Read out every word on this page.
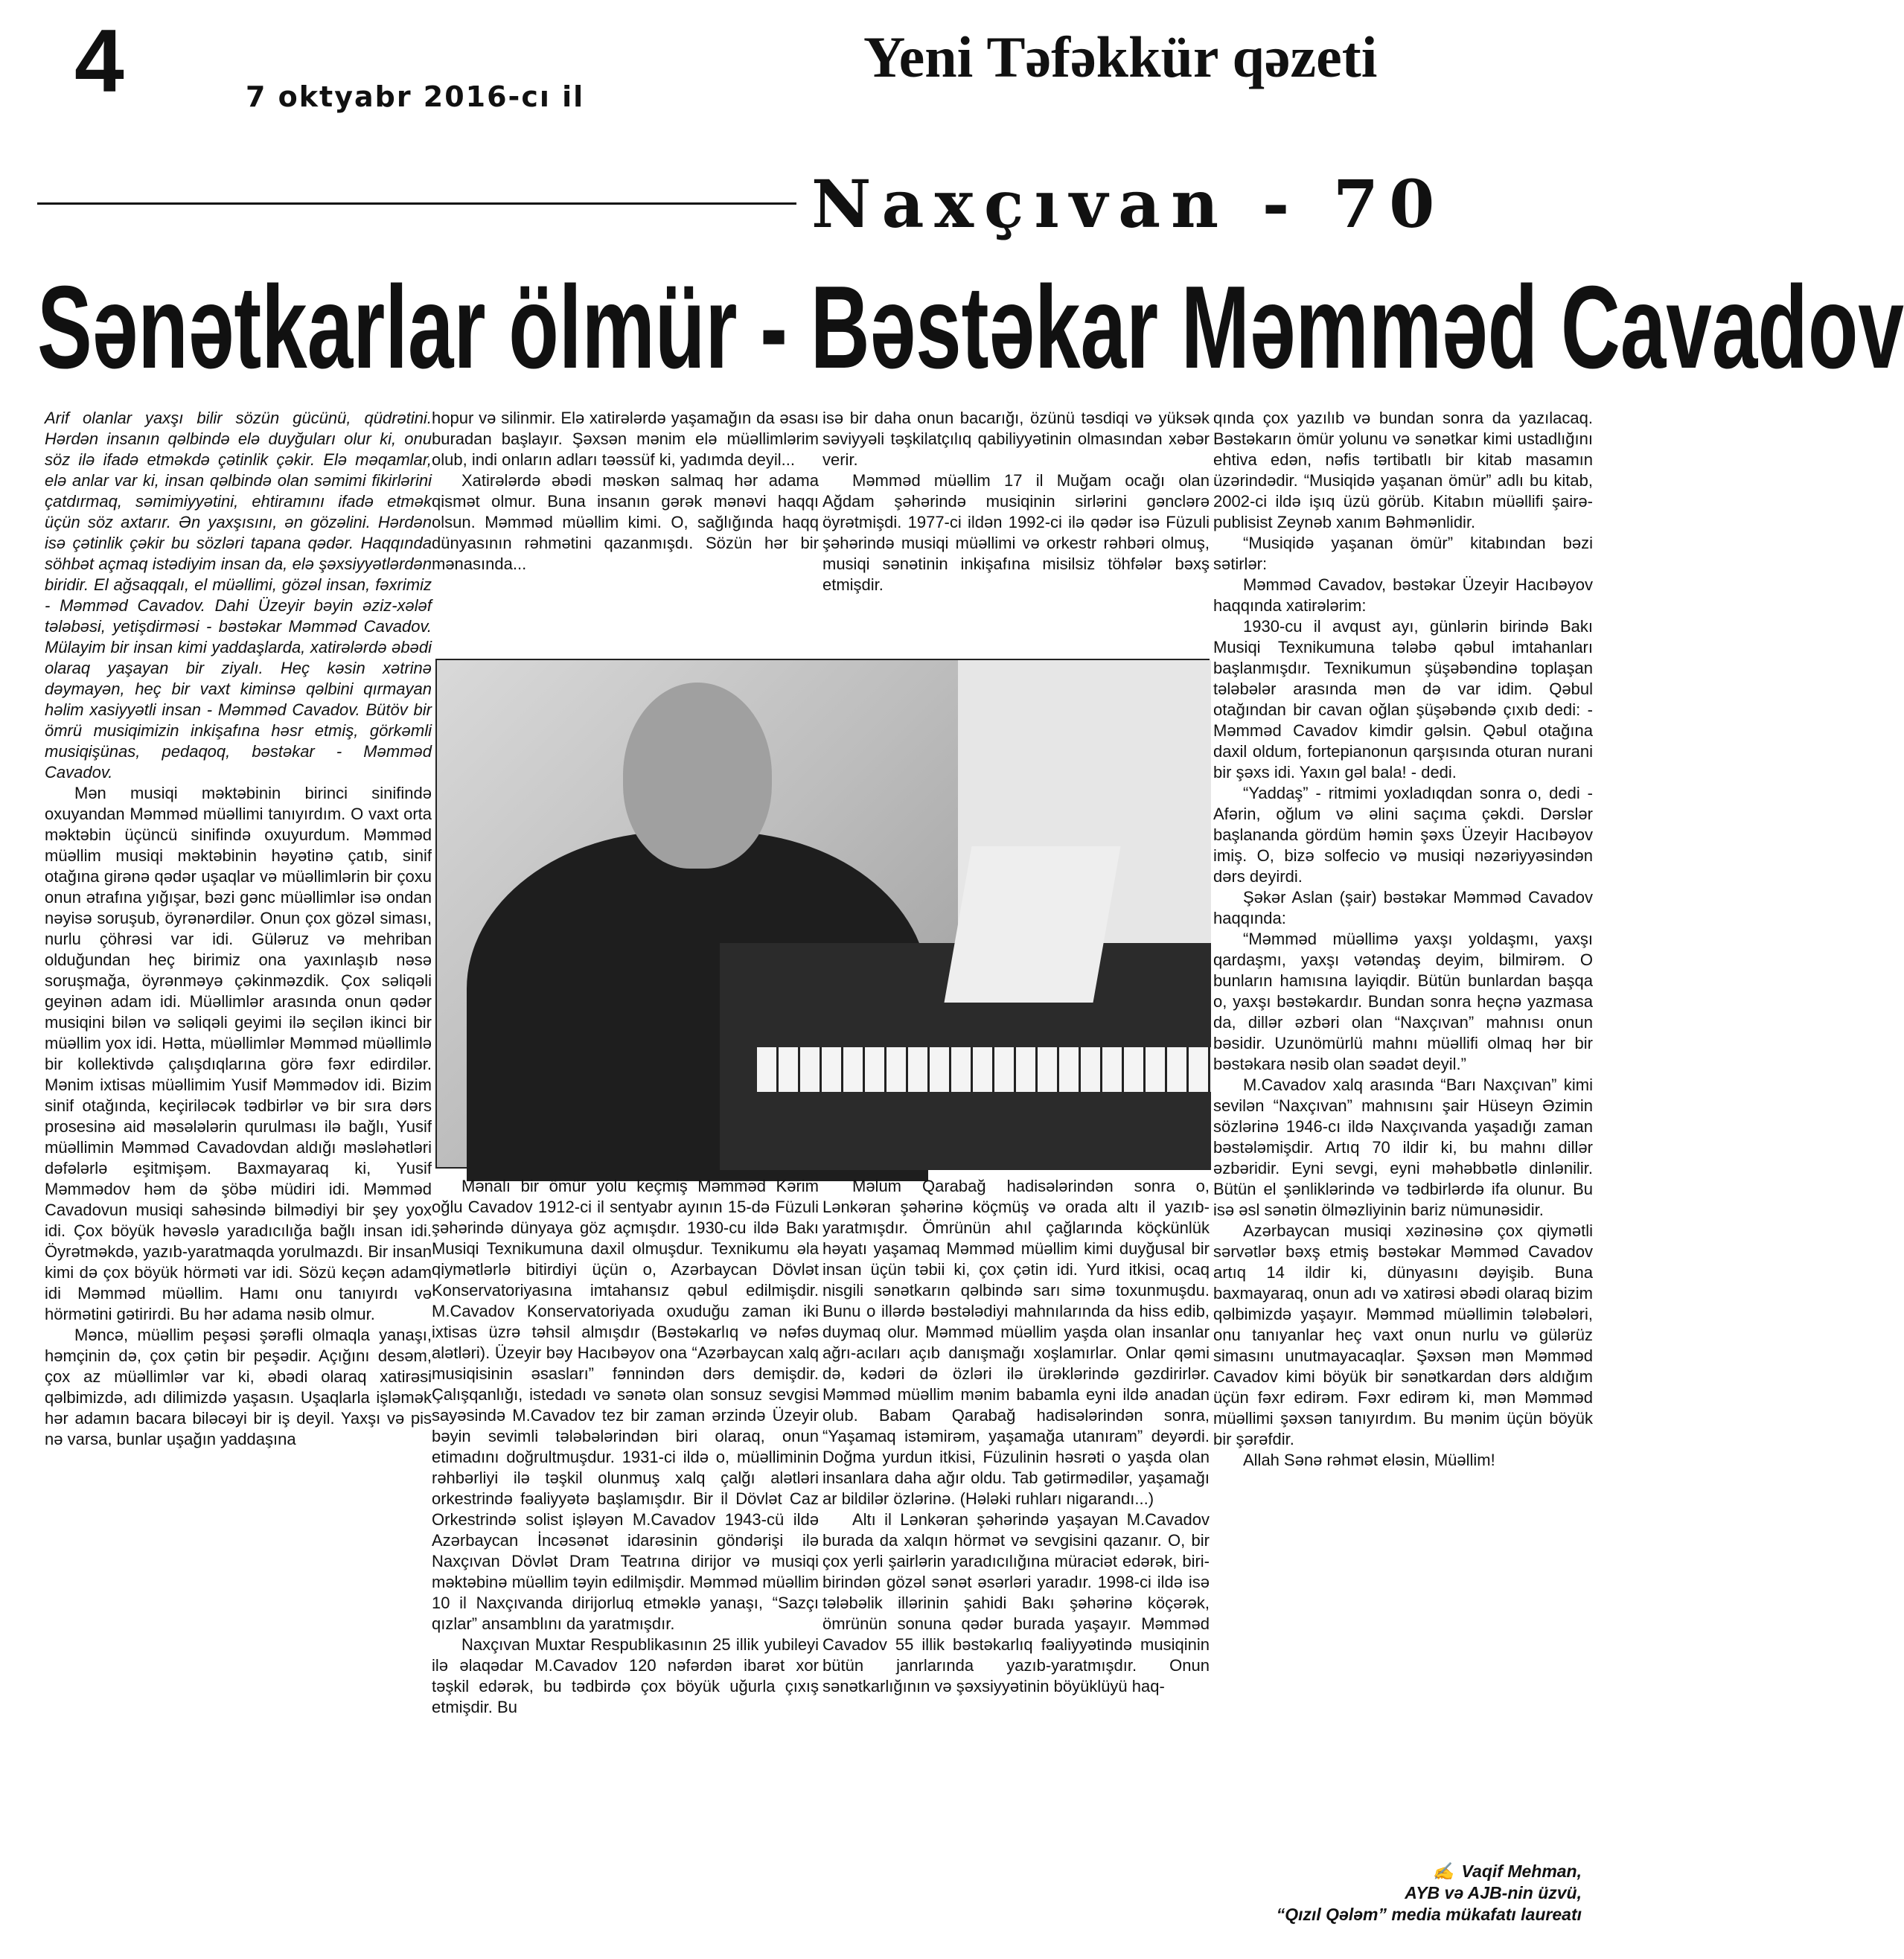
4	7 oktyabr 2016-cı il
Yeni Təfəkkür qəzeti
Naxçıvan - 70
Sənətkarlar ölmür - Bəstəkar Məmməd Cavadov

Arif olanlar yaxşı bilir sözün gücünü, qüdrətini. Hərdən insanın qəlbində elə duyğuları olur ki, onu söz ilə ifadə etməkdə çətinlik çəkir. Elə məqamlar, elə anlar var ki, insan qəlbində olan səmimi fikirlərini çatdırmaq, səmimiyyətini, ehtiramını ifadə etmək üçün söz axtarır. Ən yaxşısını, ən gözəlini. Hərdən isə çətinlik çəkir bu sözləri tapana qədər. Haqqında söhbət açmaq istədiyim insan da, elə şəxsiyyətlərdən biridir. El ağsaqqalı, el müəllimi, gözəl insan, fəxrimiz - Məmməd Cavadov. Dahi Üzeyir bəyin əziz-xələf tələbəsi, yetişdirməsi - bəstəkar Məmməd Cavadov. Mülayim bir insan kimi yaddaşlarda, xatirələrdə əbədi olaraq yaşayan bir ziyalı. Heç kəsin xətrinə dəymayən, heç bir vaxt kiminsə qəlbini qırmayan həlim xasiyyətli insan - Məmməd Cavadov. Bütöv bir ömrü musiqimizin inkişafına həsr etmiş, görkəmli musiqişünas, pedaqoq, bəstəkar - Məmməd Cavadov.

Mən musiqi məktəbinin birinci sinifində oxuyandan Məmməd müəllimi tanıyırdım. O vaxt orta məktəbin üçüncü sinifində oxuyurdum. Məmməd müəllim musiqi məktəbinin həyətinə çatıb, sinif otağına girənə qədər uşaqlar və müəllimlərin bir çoxu onun ətrafına yığışar, bəzi gənc müəllimlər isə ondan nəyisə soruşub, öyrənərdilər. Onun çox gözəl siması, nurlu çöhrəsi var idi. Güləruz və mehriban olduğundan heç birimiz ona yaxınlaşıb nəsə soruşmağa, öyrənməyə çəkinməzdik. Çox səliqəli geyinən adam idi. Müəllimlər arasında onun qədər musiqini bilən və səliqəli geyimi ilə seçilən ikinci bir müəllim yox idi. Hətta, müəllimlər Məmməd müəllimlə bir kollektivdə çalışdıqlarına görə fəxr edirdilər. Mənim ixtisas müəllimim Yusif Məmmədov idi. Bizim sinif otağında, keçiriləcək tədbirlər və bir sıra dərs prosesinə aid məsələlərin qurulması ilə bağlı, Yusif müəllimin Məmməd Cavadovdan aldığı məsləhətləri dəfələrlə eşitmişəm. Baxmayaraq ki, Yusif Məmmədov həm də şöbə müdiri idi. Məmməd Cavadovun musiqi sahəsində bilmədiyi bir şey yox idi. Çox böyük həvəslə yaradıcılığa bağlı insan idi. Öyrətməkdə, yazıb-yaratmaqda yorulmazdı. Bir insan kimi də çox böyük hörməti var idi. Sözü keçən adam idi Məmməd müəllim. Hamı onu tanıyırdı və hörmətini gətirirdi. Bu hər adama nəsib olmur.

Məncə, müəllim peşəsi şərəfli olmaqla yanaşı, həmçinin də, çox çətin bir peşədir. Açığını desəm, çox az müəllimlər var ki, əbədi olaraq xatirəsi qəlbimizdə, adı dilimizdə yaşasın. Uşaqlarla işləmək hər adamın bacara biləcəyi bir iş deyil. Yaxşı və pis nə varsa, bunlar uşağın yaddaşına

hopur və silinmir. Elə xatirələrdə yaşamağın da əsası buradan başlayır. Şəxsən mənim elə müəllimlərim olub, indi onların adları təəssüf ki, yadımda deyil...

Xatirələrdə əbədi məskən salmaq hər adama qismət olmur. Buna insanın gərək mənəvi haqqı olsun. Məmməd müəllim kimi. O, sağlığında haqq dünyasının rəhmətini qazanmışdı. Sözün hər bir mənasında...

isə bir daha onun bacarığı, özünü təsdiqi və yüksək səviyyəli təşkilatçılıq qabiliyyətinin olmasından xəbər verir.

Məmməd müəllim 17 il Muğam ocağı olan Ağdam şəhərində musiqinin sirlərini gənclərə öyrətmişdi. 1977-ci ildən 1992-ci ilə qədər isə Füzuli şəhərində musiqi müəllimi və orkestr rəhbəri olmuş, musiqi sənətinin inkişafına misilsiz töhfələr bəxş etmişdir.

Mənalı bir ömür yolu keçmiş Məmməd Kərim oğlu Cavadov 1912-ci il sentyabr ayının 15-də Füzuli şəhərində dünyaya göz açmışdır. 1930-cu ildə Bakı Musiqi Texnikumuna daxil olmuşdur. Texnikumu əla qiymətlərlə bitirdiyi üçün o, Azərbaycan Dövlət Konservatoriyasına imtahansız qəbul edilmişdir. M.Cavadov Konservatoriyada oxuduğu zaman iki ixtisas üzrə təhsil almışdır (Bəstəkarlıq və nəfəs alətləri). Üzeyir bəy Hacıbəyov ona “Azərbaycan xalq musiqisinin əsasları” fənnindən dərs demişdir. Çalışqanlığı, istedadı və sənətə olan sonsuz sevgisi sayəsində M.Cavadov tez bir zaman ərzində Üzeyir bəyin sevimli tələbələrindən biri olaraq, onun etimadını doğrultmuşdur. 1931-ci ildə o, müəlliminin rəhbərliyi ilə təşkil olunmuş xalq çalğı alətləri orkestrində fəaliyyətə başlamışdır. Bir il Dövlət Caz Orkestrində solist işləyən M.Cavadov 1943-cü ildə Azərbaycan İncəsənət idarəsinin göndərişi ilə Naxçıvan Dövlət Dram Teatrına dirijor və musiqi məktəbinə müəllim təyin edilmişdir. Məmməd müəllim 10 il Naxçıvanda dirijorluq etməklə yanaşı, “Sazçı qızlar” ansamblını da yaratmışdır.

Naxçıvan Muxtar Respublikasının 25 illik yubileyi ilə əlaqədar M.Cavadov 120 nəfərdən ibarət xor təşkil edərək, bu tədbirdə çox böyük uğurla çıxış etmişdir. Bu

Məlum Qarabağ hadisələrindən sonra o, Lənkəran şəhərinə köçmüş və orada altı il yazıb-yaratmışdır. Ömrünün ahıl çağlarında köçkünlük həyatı yaşamaq Məmməd müəllim kimi duyğusal bir insan üçün təbii ki, çox çətin idi. Yurd itkisi, ocaq nisgili sənətkarın qəlbində sarı simə toxunmuşdu. Bunu o illərdə bəstələdiyi mahnılarında da hiss edib, duymaq olur. Məmməd müəllim yaşda olan insanlar ağrı-acıları açıb danışmağı xoşlamırlar. Onlar qəmi də, kədəri də özləri ilə ürəklərində gəzdirirlər. Məmməd müəllim mənim babamla eyni ildə anadan olub. Babam Qarabağ hadisələrindən sonra, “Yaşamaq istəmirəm, yaşamağa utanıram” deyərdi. Doğma yurdun itkisi, Füzulinin həsrəti o yaşda olan insanlara daha ağır oldu. Tab gətirmədilər, yaşamağı ar bildilər özlərinə. (Hələki ruhları nigarandı...)

Altı il Lənkəran şəhərində yaşayan M.Cavadov burada da xalqın hörmət və sevgisini qazanır. O, bir çox yerli şairlərin yaradıcılığına müraciət edərək, biri-birindən gözəl sənət əsərləri yaradır. 1998-ci ildə isə tələbəlik illərinin şahidi Bakı şəhərinə köçərək, ömrünün sonuna qədər burada yaşayır. Məmməd Cavadov 55 illik bəstəkarlıq fəaliyyətində musiqinin bütün janrlarında yazıb-yaratmışdır. Onun sənətkarlığının və şəxsiyyətinin böyüklüyü haq-

qında çox yazılıb və bundan sonra da yazılacaq. Bəstəkarın ömür yolunu və sənətkar kimi ustadlığını ehtiva edən, nəfis tərtibatlı bir kitab masamın üzərindədir. “Musiqidə yaşanan ömür” adlı bu kitab, 2002-ci ildə işıq üzü görüb. Kitabın müəllifi şairə-publisist Zeynəb xanım Bəhmənlidir.

“Musiqidə yaşanan ömür” kitabından bəzi sətirlər:

Məmməd Cavadov, bəstəkar Üzeyir Hacıbəyov haqqında xatirələrim:

1930-cu il avqust ayı, günlərin birində Bakı Musiqi Texnikumuna tələbə qəbul imtahanları başlanmışdır. Texnikumun şüşəbəndinə toplaşan tələbələr arasında mən də var idim. Qəbul otağından bir cavan oğlan şüşəbəndə çıxıb dedi: - Məmməd Cavadov kimdir gəlsin. Qəbul otağına daxil oldum, fortepianonun qarşısında oturan nurani bir şəxs idi. Yaxın gəl bala! - dedi.

“Yaddaş” - ritmimi yoxladıqdan sonra o, dedi - Afərin, oğlum və əlini saçıma çəkdi. Dərslər başlananda gördüm həmin şəxs Üzeyir Hacıbəyov imiş. O, bizə solfecio və musiqi nəzəriyyəsindən dərs deyirdi.

Şəkər Aslan (şair) bəstəkar Məmməd Cavadov haqqında:

“Məmməd müəllimə yaxşı yoldaşmı, yaxşı qardaşmı, yaxşı vətəndaş deyim, bilmirəm. O bunların hamısına layiqdir. Bütün bunlardan başqa o, yaxşı bəstəkardır. Bundan sonra heçnə yazmasa da, dillər əzbəri olan “Naxçıvan” mahnısı onun bəsidir. Uzunömürlü mahnı müəllifi olmaq hər bir bəstəkara nəsib olan səadət deyil.”

M.Cavadov xalq arasında “Barı Naxçıvan” kimi sevilən “Naxçıvan” mahnısını şair Hüseyn Əzimin sözlərinə 1946-cı ildə Naxçıvanda yaşadığı zaman bəstələmişdir. Artıq 70 ildir ki, bu mahnı dillər əzbəridir. Eyni sevgi, eyni məhəbbətlə dinlənilir. Bütün el şənliklərində və tədbirlərdə ifa olunur. Bu isə əsl sənətin ölməzliyinin bariz nümunəsidir.

Azərbaycan musiqi xəzinəsinə çox qiymətli sərvətlər bəxş etmiş bəstəkar Məmməd Cavadov artıq 14 ildir ki, dünyasını dəyişib. Buna baxmayaraq, onun adı və xatirəsi əbədi olaraq bizim qəlbimizdə yaşayır. Məmməd müəllimin tələbələri, onu tanıyanlar heç vaxt onun nurlu və gülərüz simasını unutmayacaqlar. Şəxsən mən Məmməd Cavadov kimi böyük bir sənətkardan dərs aldığım üçün fəxr edirəm. Fəxr edirəm ki, mən Məmməd müəllimi şəxsən tanıyırdım. Bu mənim üçün böyük bir şərəfdir.

Allah Sənə rəhmət eləsin, Müəllim!

✍ Vaqif Mehman,
AYB və AJB-nin üzvü,
“Qızıl Qələm” media mükafatı laureatı
